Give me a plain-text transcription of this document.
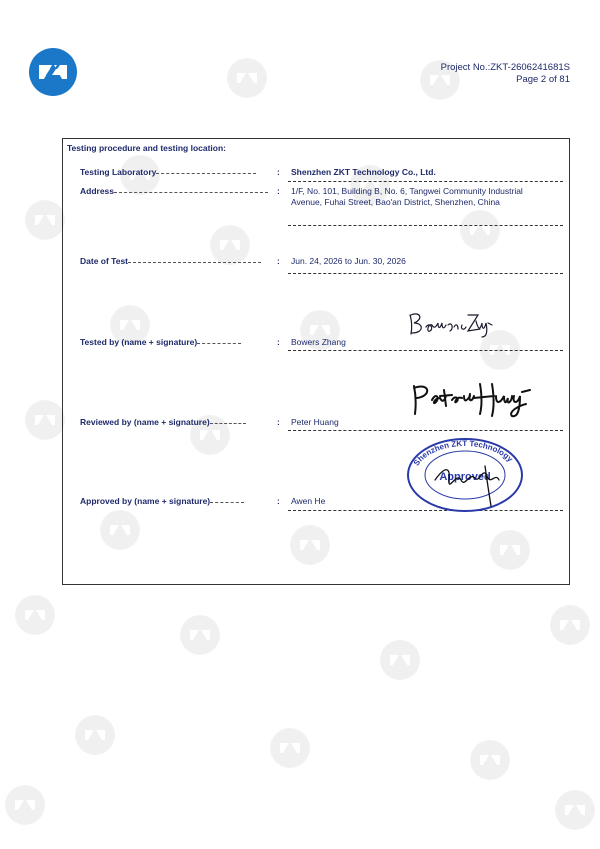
Project No.:ZKT-2606241681S
Page 2 of 81
Testing procedure and testing location:
Testing Laboratory	: Shenzhen ZKT Technology Co., Ltd.
Address	: 1/F, No. 101, Building B, No. 6, Tangwei Community Industrial Avenue, Fuhai Street, Bao'an District, Shenzhen, China
Date of Test	: Jun. 24, 2026 to Jun. 30, 2026
Tested by (name + signature)	: Bowers Zhang
Reviewed by (name + signature)	: Peter Huang
Approved by (name + signature)	: Awen He
Shenzhen ZKT Technology
Approved
